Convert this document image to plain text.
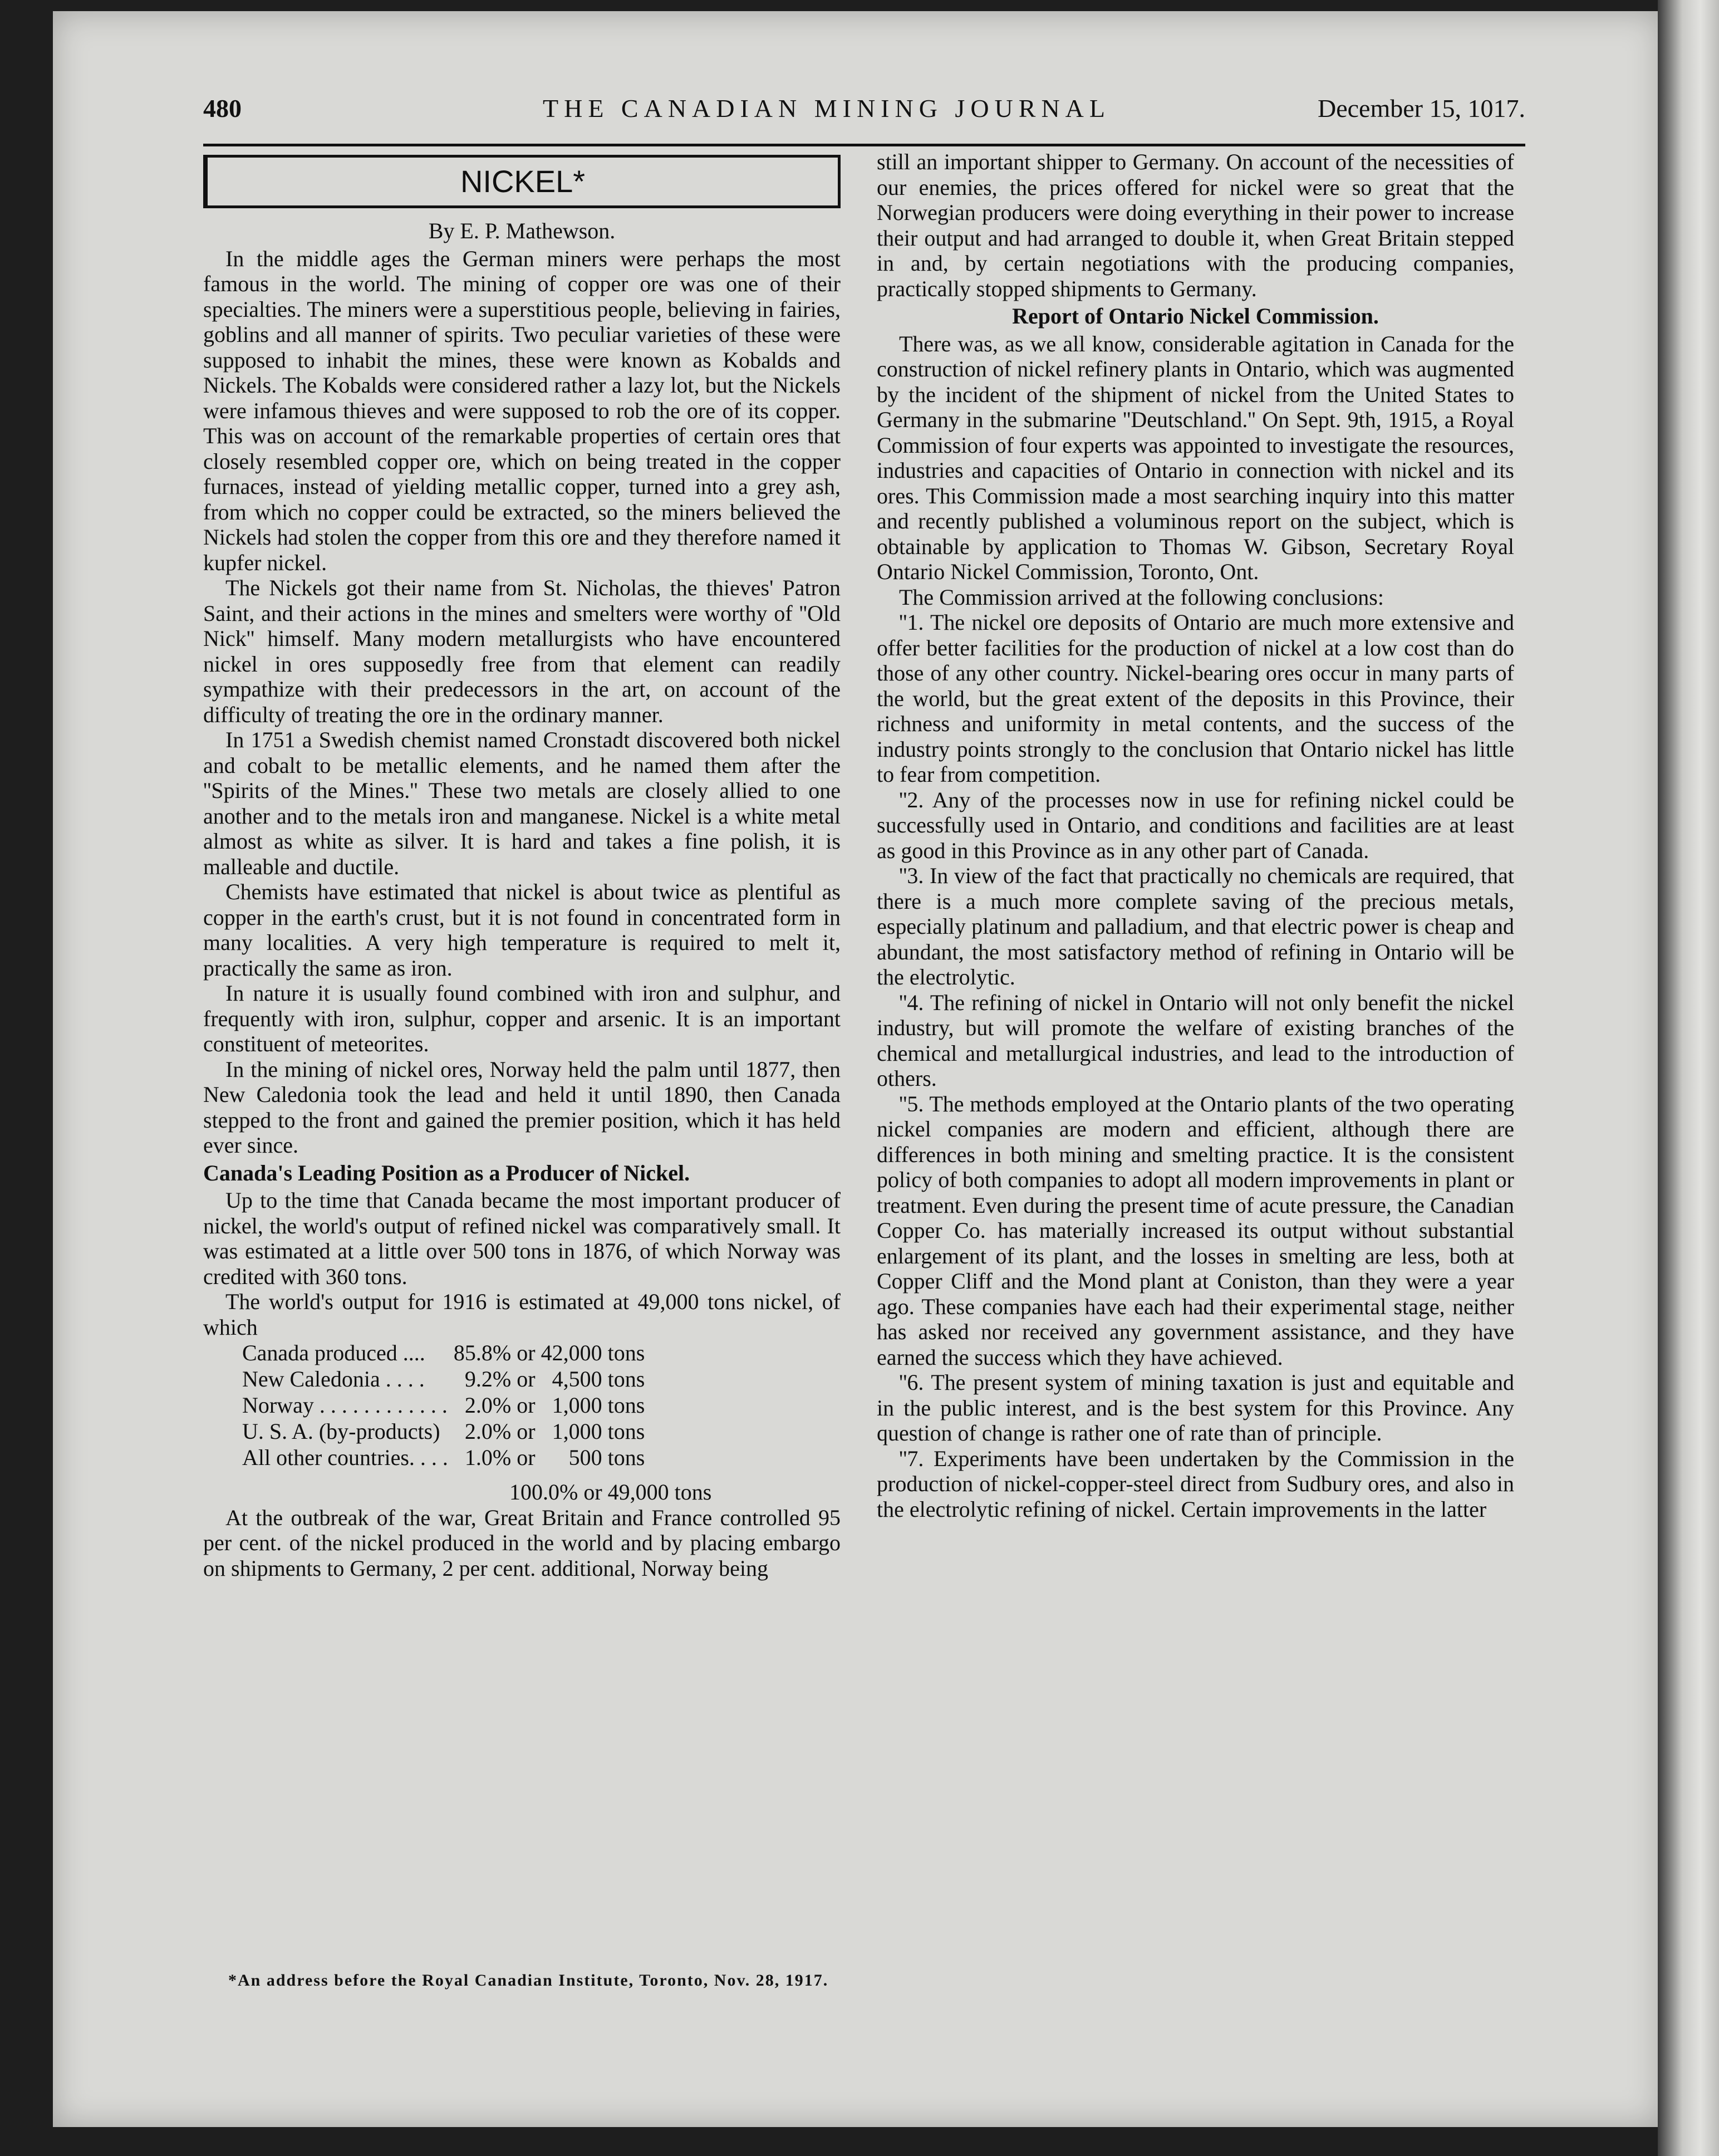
480	THE CANADIAN MINING JOURNAL	December 15, 1017.
NICKEL*
By E. P. Mathewson.

In the middle ages the German miners were perhaps the most famous in the world. The mining of copper ore was one of their specialties. The miners were a superstitious people, believing in fairies, goblins and all manner of spirits. Two peculiar varieties of these were supposed to inhabit the mines, these were known as Kobalds and Nickels. The Kobalds were considered rather a lazy lot, but the Nickels were infamous thieves and were supposed to rob the ore of its copper. This was on account of the remarkable properties of certain ores that closely resembled copper ore, which on being treated in the copper furnaces, instead of yielding metallic copper, turned into a grey ash, from which no copper could be extracted, so the miners believed the Nickels had stolen the copper from this ore and they therefore named it kupfer nickel.

The Nickels got their name from St. Nicholas, the thieves' Patron Saint, and their actions in the mines and smelters were worthy of ''Old Nick'' himself. Many modern metallurgists who have encountered nickel in ores supposedly free from that element can readily sympathize with their predecessors in the art, on account of the difficulty of treating the ore in the ordinary manner.

In 1751 a Swedish chemist named Cronstadt discovered both nickel and cobalt to be metallic elements, and he named them after the ''Spirits of the Mines.'' These two metals are closely allied to one another and to the metals iron and manganese. Nickel is a white metal almost as white as silver. It is hard and takes a fine polish, it is malleable and ductile.

Chemists have estimated that nickel is about twice as plentiful as copper in the earth's crust, but it is not found in concentrated form in many localities. A very high temperature is required to melt it, practically the same as iron.

In nature it is usually found combined with iron and sulphur, and frequently with iron, sulphur, copper and arsenic. It is an important constituent of meteorites.

In the mining of nickel ores, Norway held the palm until 1877, then New Caledonia took the lead and held it until 1890, then Canada stepped to the front and gained the premier position, which it has held ever since.

Canada's Leading Position as a Producer of Nickel.

Up to the time that Canada became the most important producer of nickel, the world's output of refined nickel was comparatively small. It was estimated at a little over 500 tons in 1876, of which Norway was credited with 360 tons.

The world's output for 1916 is estimated at 49,000 tons nickel, of which

Canada produced ....	85.8%	or	42,000	tons
New Caledonia . . . .	9.2%	or	4,500	tons
Norway . . . . . . . . . . . .	2.0%	or	1,000	tons
U. S. A. (by-products)	2.0%	or	1,000	tons
All other countries. . . .	1.0%	or	500	tons
100.0% or 49,000 tons

At the outbreak of the war, Great Britain and France controlled 95 per cent. of the nickel produced in the world and by placing embargo on shipments to Germany, 2 per cent. additional, Norway being

still an important shipper to Germany. On account of the necessities of our enemies, the prices offered for nickel were so great that the Norwegian producers were doing everything in their power to increase their output and had arranged to double it, when Great Britain stepped in and, by certain negotiations with the producing companies, practically stopped shipments to Germany.

Report of Ontario Nickel Commission.

There was, as we all know, considerable agitation in Canada for the construction of nickel refinery plants in Ontario, which was augmented by the incident of the shipment of nickel from the United States to Germany in the submarine ''Deutschland.'' On Sept. 9th, 1915, a Royal Commission of four experts was appointed to investigate the resources, industries and capacities of Ontario in connection with nickel and its ores. This Commission made a most searching inquiry into this matter and recently published a voluminous report on the subject, which is obtainable by application to Thomas W. Gibson, Secretary Royal Ontario Nickel Commission, Toronto, Ont.

The Commission arrived at the following conclusions:

''1. The nickel ore deposits of Ontario are much more extensive and offer better facilities for the production of nickel at a low cost than do those of any other country. Nickel-bearing ores occur in many parts of the world, but the great extent of the deposits in this Province, their richness and uniformity in metal contents, and the success of the industry points strongly to the conclusion that Ontario nickel has little to fear from competition.

''2. Any of the processes now in use for refining nickel could be successfully used in Ontario, and conditions and facilities are at least as good in this Province as in any other part of Canada.

''3. In view of the fact that practically no chemicals are required, that there is a much more complete saving of the precious metals, especially platinum and palladium, and that electric power is cheap and abundant, the most satisfactory method of refining in Ontario will be the electrolytic.

''4. The refining of nickel in Ontario will not only benefit the nickel industry, but will promote the welfare of existing branches of the chemical and metallurgical industries, and lead to the introduction of others.

''5. The methods employed at the Ontario plants of the two operating nickel companies are modern and efficient, although there are differences in both mining and smelting practice. It is the consistent policy of both companies to adopt all modern improvements in plant or treatment. Even during the present time of acute pressure, the Canadian Copper Co. has materially increased its output without substantial enlargement of its plant, and the losses in smelting are less, both at Copper Cliff and the Mond plant at Coniston, than they were a year ago. These companies have each had their experimental stage, neither has asked nor received any government assistance, and they have earned the success which they have achieved.

''6. The present system of mining taxation is just and equitable and in the public interest, and is the best system for this Province. Any question of change is rather one of rate than of principle.

''7. Experiments have been undertaken by the Commission in the production of nickel-copper-steel direct from Sudbury ores, and also in the electrolytic refining of nickel. Certain improvements in the latter

*An address before the Royal Canadian Institute, Toronto, Nov. 28, 1917.
